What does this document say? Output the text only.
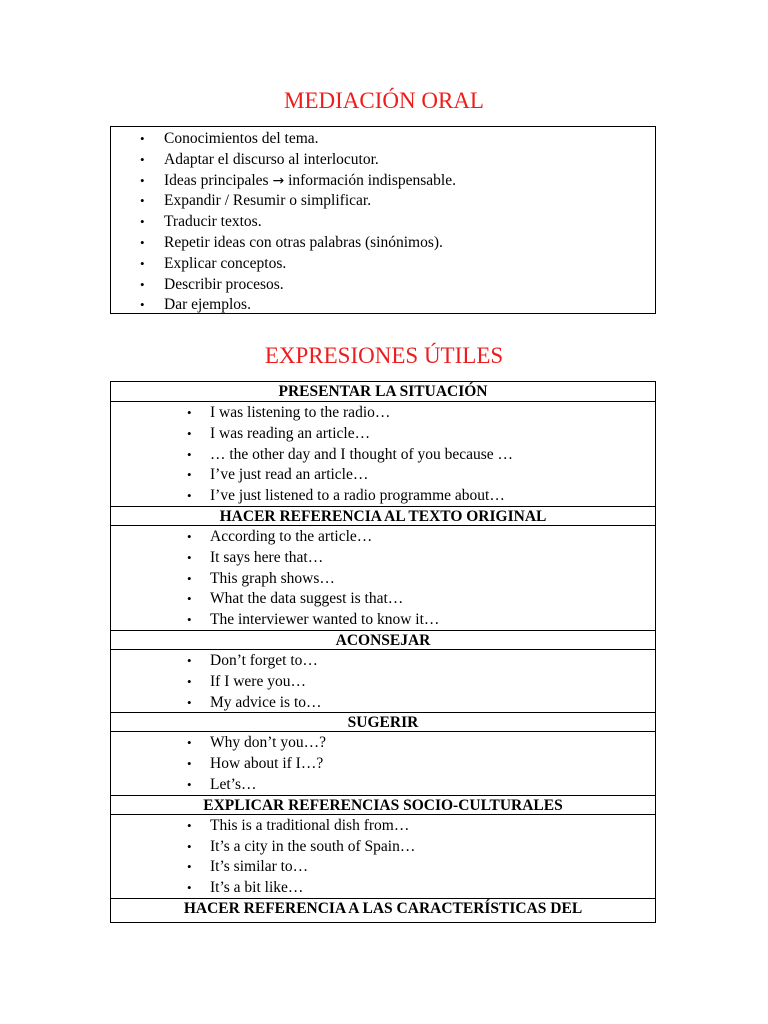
MEDIACIÓN ORAL
• Conocimientos del tema.
• Adaptar el discurso al interlocutor.
• Ideas principales → información indispensable.
• Expandir / Resumir o simplificar.
• Traducir textos.
• Repetir ideas con otras palabras (sinónimos).
• Explicar conceptos.
• Describir procesos.
• Dar ejemplos.
EXPRESIONES ÚTILES
PRESENTAR LA SITUACIÓN
• I was listening to the radio…
• I was reading an article…
• … the other day and I thought of you because …
• I’ve just read an article…
• I’ve just listened to a radio programme about…
HACER REFERENCIA AL TEXTO ORIGINAL
• According to the article…
• It says here that…
• This graph shows…
• What the data suggest is that…
• The interviewer wanted to know it…
ACONSEJAR
• Don’t forget to…
• If I were you…
• My advice is to…
SUGERIR
• Why don’t you…?
• How about if I…?
• Let’s…
EXPLICAR REFERENCIAS SOCIO-CULTURALES
• This is a traditional dish from…
• It’s a city in the south of Spain…
• It’s similar to…
• It’s a bit like…
HACER REFERENCIA A LAS CARACTERÍSTICAS DEL
